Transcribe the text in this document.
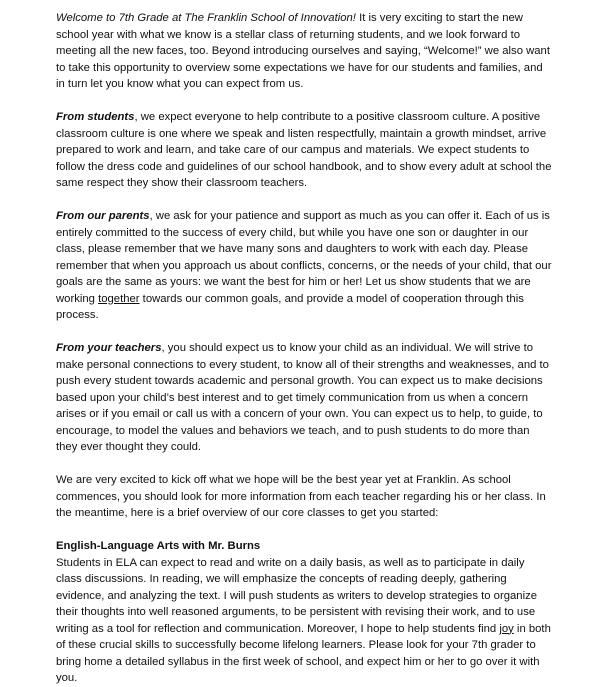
Welcome to 7th Grade at The Franklin School of Innovation! It is very exciting to start the new school year with what we know is a stellar class of returning students, and we look forward to meeting all the new faces, too. Beyond introducing ourselves and saying, “Welcome!” we also want to take this opportunity to overview some expectations we have for our students and families, and in turn let you know what you can expect from us.

From students, we expect everyone to help contribute to a positive classroom culture. A positive classroom culture is one where we speak and listen respectfully, maintain a growth mindset, arrive prepared to work and learn, and take care of our campus and materials. We expect students to follow the dress code and guidelines of our school handbook, and to show every adult at school the same respect they show their classroom teachers.

From our parents, we ask for your patience and support as much as you can offer it. Each of us is entirely committed to the success of every child, but while you have one son or daughter in our class, please remember that we have many sons and daughters to work with each day. Please remember that when you approach us about conflicts, concerns, or the needs of your child, that our goals are the same as yours: we want the best for him or her! Let us show students that we are working together towards our common goals, and provide a model of cooperation through this process.

From your teachers, you should expect us to know your child as an individual. We will strive to make personal connections to every student, to know all of their strengths and weaknesses, and to push every student towards academic and personal growth. You can expect us to make decisions based upon your child’s best interest and to get timely communication from us when a concern arises or if you email or call us with a concern of your own. You can expect us to help, to guide, to encourage, to model the values and behaviors we teach, and to push students to do more than they ever thought they could.

We are very excited to kick off what we hope will be the best year yet at Franklin. As school commences, you should look for more information from each teacher regarding his or her class. In the meantime, here is a brief overview of our core classes to get you started:

English-Language Arts with Mr. Burns

Students in ELA can expect to read and write on a daily basis, as well as to participate in daily class discussions. In reading, we will emphasize the concepts of reading deeply, gathering evidence, and analyzing the text. I will push students as writers to develop strategies to organize their thoughts into well reasoned arguments, to be persistent with revising their work, and to use writing as a tool for reflection and communication. Moreover, I hope to help students find joy in both of these crucial skills to successfully become lifelong learners. Please look for your 7th grader to bring home a detailed syllabus in the first week of school, and expect him or her to go over it with you.
